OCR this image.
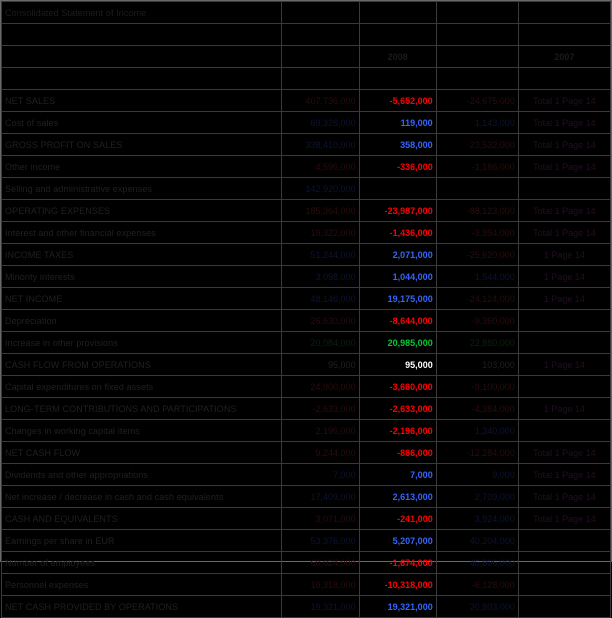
Consolidated Statement of Income				

		2008		2007

NET SALES	407,736,000	-5,652,000	-24,675,000	Total 1 Page 14
Cost of sales	69,326,000	119,000	1,143,000	Total 1 Page 14
GROSS PROFIT ON SALES	338,410,000	358,000	-23,532,000	Total 1 Page 14
Other income	4,596,000	-336,000	-1,186,000	Total 1 Page 14
Selling and administrative expenses	142,920,000			
OPERATING EXPENSES	185,364,000	-23,987,000	-88,123,000	Total 1 Page 14
Interest and other financial expenses	19,322,000	-1,436,000	-3,994,000	Total 1 Page 14
INCOME TAXES	51,244,000	2,071,000	-25,620,000	1 Page 14
Minority interests	3,098,000	1,044,000	1,544,000	1 Page 14
NET INCOME	48,146,000	19,175,000	-24,124,000	1 Page 14
Depreciation	26,630,000	-8,644,000	-9,360,000	
Increase in other provisions	20,084,000	20,985,000	22,880,000	
CASH FLOW FROM OPERATIONS	95,000	95,000	103,000	1 Page 14
Capital expenditures on fixed assets	24,900,000	-3,660,000	-9,100,000	
LONG-TERM CONTRIBUTIONS AND PARTICIPATIONS	-2,633,000	-2,633,000	-4,384,000	1 Page 14
Changes in working capital items	2,196,000	-2,196,000	1,340,000	
NET CASH FLOW	9,244,000	-866,000	-12,284,000	Total 1 Page 14
Dividends and other appropriations	7,000	7,000	9,000	Total 1 Page 14
Net increase / decrease in cash and cash equivalents	17,409,000	2,613,000	2,709,000	Total 1 Page 14
CASH AND EQUIVALENTS	3,071,000	-241,000	3,924,000	Total 1 Page 14
Earnings per share in EUR	53,376,000	5,207,000	40,204,000	
Number of employees	60,024,000	-1,674,000	46,806,000	
Personnel expenses	10,318,000	-10,318,000	-6,128,000	
NET CASH PROVIDED BY OPERATIONS	19,321,000	19,321,000	20,803,000	
